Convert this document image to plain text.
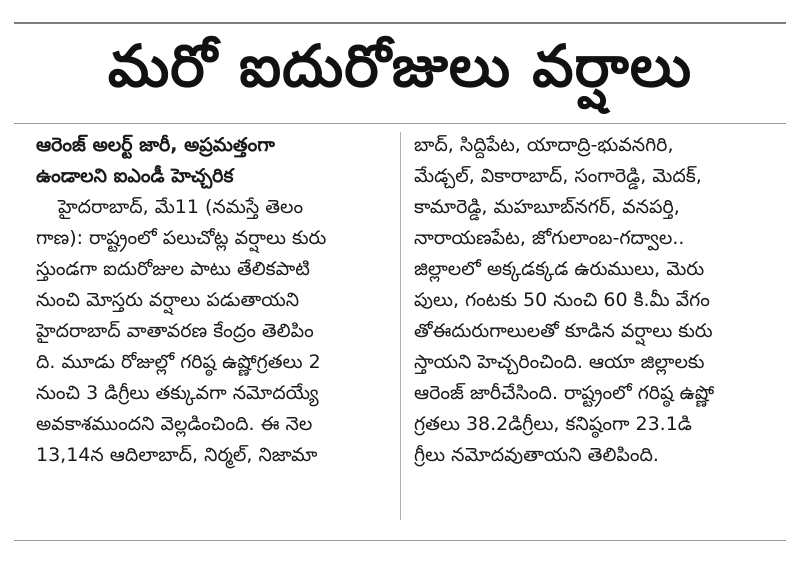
మరో ఐదురోజులు వర్షాలు
ఆరెంజ్ అలర్ట్ జారీ, అప్రమత్తంగా
ఉండాలని ఐఎండీ హెచ్చరిక
హైదరాబాద్, మే11 (నమస్తే తెలం
గాణ): రాష్ట్రంలో పలుచోట్ల వర్షాలు కురు
స్తుండగా ఐదురోజుల పాటు తేలికపాటి
నుంచి మోస్తరు వర్షాలు పడుతాయని
హైదరాబాద్ వాతావరణ కేంద్రం తెలిపిం
ది. మూడు రోజుల్లో గరిష్ఠ ఉష్ణోగ్రతలు 2
నుంచి 3 డిగ్రీలు తక్కువగా నమోదయ్యే
అవకాశముందని వెల్లడించింది. ఈ నెల
13,14న ఆదిలాబాద్, నిర్మల్, నిజామా
బాద్, సిద్దిపేట, యాదాద్రి-భువనగిరి,
మేడ్చల్, వికారాబాద్, సంగారెడ్డి, మెదక్,
కామారెడ్డి, మహబూబ్‌నగర్, వనపర్తి,
నారాయణపేట, జోగులాంబ-గద్వాల..
జిల్లాలలో అక్కడక్కడ ఉరుములు, మెరు
పులు, గంటకు 50 నుంచి 60 కి.మీ వేగం
తోఈదురుగాలులతో కూడిన వర్షాలు కురు
స్తాయని హెచ్చరించింది. ఆయా జిల్లాలకు
ఆరెంజ్ జారీచేసింది. రాష్ట్రంలో గరిష్ఠ ఉష్ణో
గ్రతలు 38.2డిగ్రీలు, కనిష్ఠంగా 23.1డి
గ్రీలు నమోదవుతాయని తెలిపింది.
